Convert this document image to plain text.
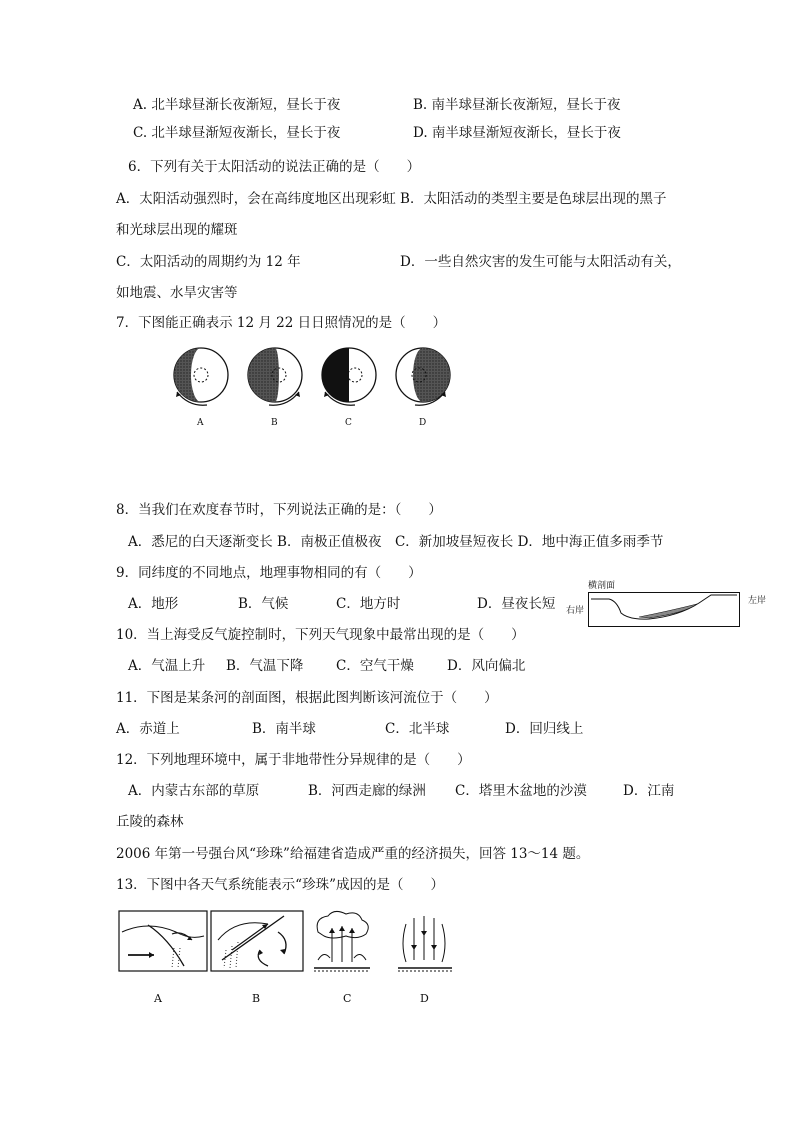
A. 北半球昼渐长夜渐短，昼长于夜	B. 南半球昼渐长夜渐短，昼长于夜
C. 北半球昼渐短夜渐长，昼长于夜	D. 南半球昼渐短夜渐长，昼长于夜
6．下列有关于太阳活动的说法正确的是（　　）
A．太阳活动强烈时，会在高纬度地区出现彩虹 B．太阳活动的类型主要是色球层出现的黑子
和光球层出现的耀斑
C．太阳活动的周期约为 12 年	D．一些自然灾害的发生可能与太阳活动有关，
如地震、水旱灾害等
7．下图能正确表示 12 月 22 日日照情况的是（　　）
A	B	C	D
8．当我们在欢度春节时，下列说法正确的是：（　　）
A．悉尼的白天逐渐变长 B．南极正值极夜　C．新加坡昼短夜长 D．地中海正值多雨季节
9．同纬度的不同地点，地理事物相同的有（　　）
A．地形	B．气候	C．地方时	D．昼夜长短
横剖面
左岸
右岸
10．当上海受反气旋控制时，下列天气现象中最常出现的是（　　）
A．气温上升 B．气温下降 C．空气干燥 D．风向偏北
11．下图是某条河的剖面图，根据此图判断该河流位于（　　）
A．赤道上	B．南半球	C．北半球	D．回归线上
12．下列地理环境中，属于非地带性分异规律的是（　　）
A．内蒙古东部的草原	B．河西走廊的绿洲 C．塔里木盆地的沙漠	D．江南
丘陵的森林
2006 年第一号强台风“珍珠”给福建省造成严重的经济损失，回答 13～14 题。
13．下图中各天气系统能表示“珍珠”成因的是（　　）
A	B	C	D
